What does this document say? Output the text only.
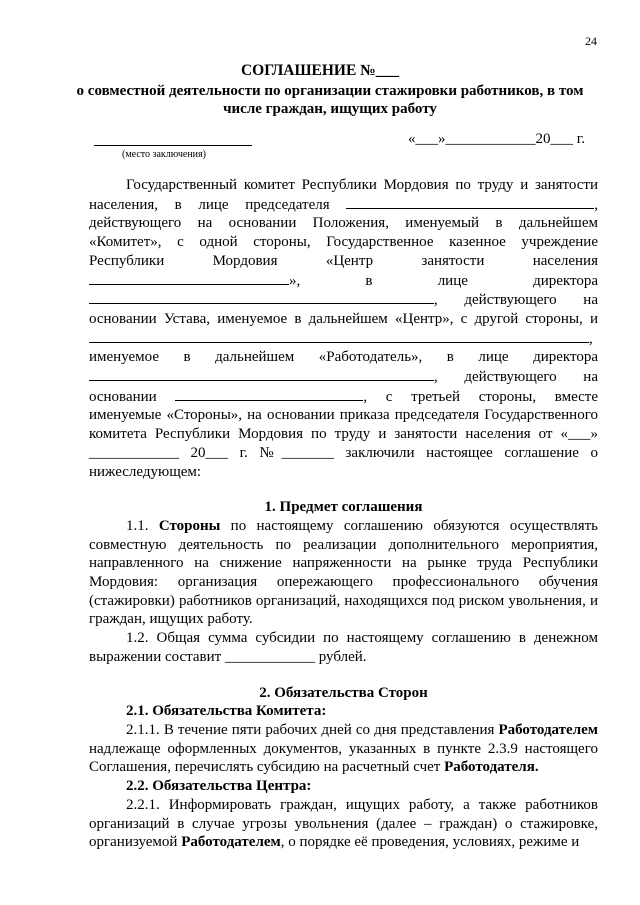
24
СОГЛАШЕНИЕ №___
о совместной деятельности по организации стажировки работников, в том числе граждан, ищущих работу
(место заключения)
«___»____________20___ г.

Государственный комитет Республики Мордовия по труду и занятости населения, в лице председателя	, действующего на основании Положения, именуемый в дальнейшем «Комитет», с одной стороны, Государственное казенное учреждение Республики Мордовия «Центр занятости населения », в лице директора , действующего на основании Устава, именуемое в дальнейшем «Центр», с другой стороны, и , именуемое в дальнейшем «Работодатель», в лице директора , действующего на основании	, с третьей стороны, вместе именуемые «Стороны», на основании приказа председателя Государственного комитета Республики Мордовия по труду и занятости населения от «___» ____________ 20___ г. №_______ заключили настоящее соглашение о нижеследующем:

1. Предмет соглашения

1.1. Стороны по настоящему соглашению обязуются осуществлять совместную деятельность по реализации дополнительного мероприятия, направленного на снижение напряженности на рынке труда Республики Мордовия: организация опережающего профессионального обучения (стажировки) работников организаций, находящихся под риском увольнения, и граждан, ищущих работу.

1.2. Общая сумма субсидии по настоящему соглашению в денежном выражении составит ____________ рублей.

2. Обязательства Сторон

2.1. Обязательства Комитета:

2.1.1. В течение пяти рабочих дней со дня представления Работодателем надлежаще оформленных документов, указанных в пункте 2.3.9 настоящего Соглашения, перечислять субсидию на расчетный счет Работодателя.

2.2. Обязательства Центра:

2.2.1. Информировать граждан, ищущих работу, а также работников организаций в случае угрозы увольнения (далее – граждан) о стажировке, организуемой Работодателем, о порядке её проведения, условиях, режиме и
